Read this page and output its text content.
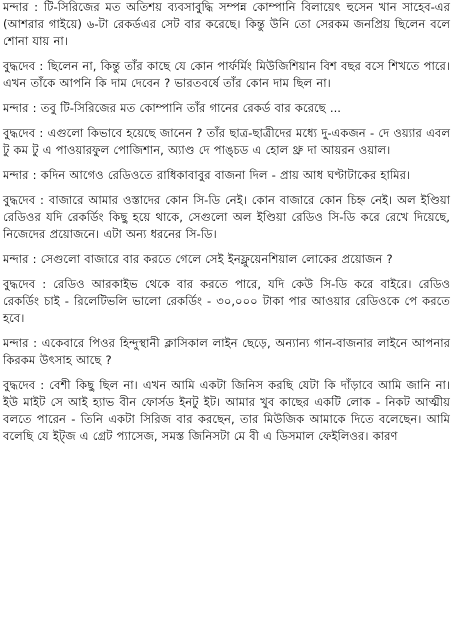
মন্দার : টি-সিরিজের মত অতিশয় ব্যবসাবুদ্ধি সম্পন্ন কোম্পানি বিলায়েৎ হুসেন খান সাহেব-এর (আশরার গাইয়ে) ৬-টা রেকর্ডএর সেট বার করেছে। কিন্তু উনি তো সেরকম জনপ্রিয় ছিলেন বলে শোনা যায় না।

বুদ্ধদেব : ছিলেন না, কিন্তু তাঁর কাছে যে কোন পার্ফর্মিং মিউজিশিয়ান বিশ বছর বসে শিখতে পারে। এখন তাঁকে আপনি কি দাম দেবেন ? ভারতবর্ষে তাঁর কোন দাম ছিল না।

মন্দার : তবু টি-সিরিজের মত কোম্পানি তাঁর গানের রেকর্ড বার করেছে ...

বুদ্ধদেব : এগুলো কিভাবে হয়েছে জানেন ? তাঁর ছাত্র-ছাত্রীদের মধ্যে দু-একজন - দে ওয়্যার এবল টু কম টু এ পাওয়ারফুল পোজিশান, অ্যাণ্ড দে পাঙ্চড এ হোল থ্রু দা আয়রন ওয়াল।

মন্দার : কদিন আগেও রেডিওতে রাধিকাবাবুর বাজনা দিল - প্রায় আধ ঘণ্টাটাকের হামির।

বুদ্ধদেব : বাজারে আমার ওস্তাদের কোন সি-ডি নেই। কোন বাজারে কোন চিহ্ন নেই। অল ইণ্ডিয়া রেডিওর যদি রেকর্ডিং কিছু হয়ে থাকে, সেগুলো অল ইণ্ডিয়া রেডিও সি-ডি করে রেখে দিয়েছে, নিজেদের প্রয়োজনে। এটা অন্য ধরনের সি-ডি।

মন্দার : সেগুলো বাজারে বার করতে গেলে সেই ইনফ্লুয়েনশিয়াল লোকের প্রয়োজন ?

বুদ্ধদেব : রেডিও আরকাইভ থেকে বার করতে পারে, যদি কেউ সি-ডি করে বাইরে। রেডিও রেকর্ডিং চাই - রিলেটিভলি ভালো রেকর্ডিং - ৩০,০০০ টাকা পার আওয়ার রেডিওকে পে করতে হবে।

মন্দার : একেবারে পিওর হিন্দুস্থানী ক্লাসিকাল লাইন ছেড়ে, অন্যান্য গান-বাজনার লাইনে আপনার কিরকম উৎসাহ আছে ?

বুদ্ধদেব : বেশী কিছু ছিল না। এখন আমি একটা জিনিস করছি যেটা কি দাঁড়াবে আমি জানি না। ইউ মাইট সে আই হ্যাভ বীন ফোর্সড ইনটু ইট। আমার খুব কাছের একটি লোক - নিকট আত্মীয় বলতে পারেন - তিনি একটা সিরিজ বার করছেন, তার মিউজিক আমাকে দিতে বলেছেন। আমি বলেছি যে ইট্জ এ গ্রেট প্যাসেজ, সমস্ত জিনিসটা মে বী এ ডিসমাল ফেইলিওর। কারণ
